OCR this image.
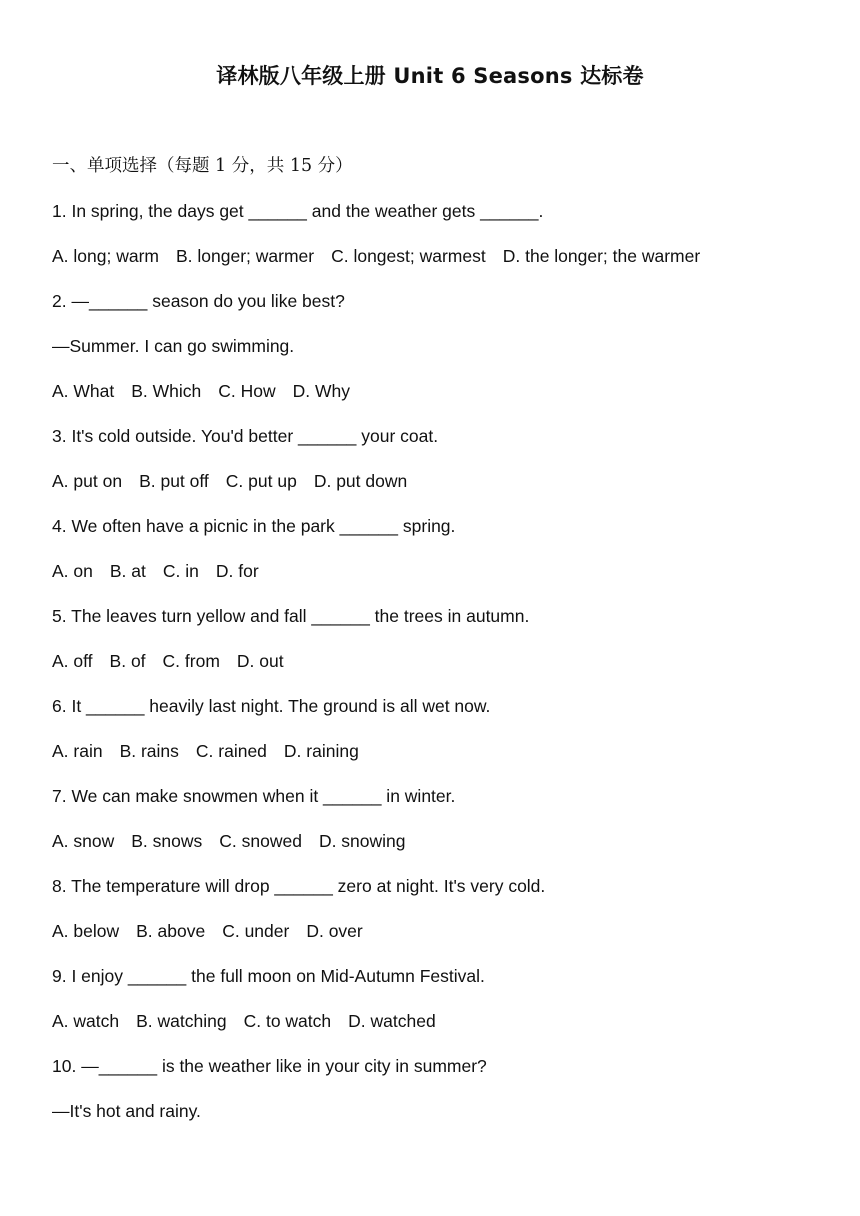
译林版八年级上册 Unit 6 Seasons 达标卷
一、单项选择（每题 1 分，共 15 分）
1. In spring, the days get ______ and the weather gets ______.
A. long; warm B. longer; warmer C. longest; warmest D. the longer; the warmer
2. —______ season do you like best?
—Summer. I can go swimming.
A. What B. Which C. How D. Why
3. It's cold outside. You'd better ______ your coat.
A. put on B. put off C. put up D. put down
4. We often have a picnic in the park ______ spring.
A. on B. at C. in D. for
5. The leaves turn yellow and fall ______ the trees in autumn.
A. off B. of C. from D. out
6. It ______ heavily last night. The ground is all wet now.
A. rain B. rains C. rained D. raining
7. We can make snowmen when it ______ in winter.
A. snow B. snows C. snowed D. snowing
8. The temperature will drop ______ zero at night. It's very cold.
A. below B. above C. under D. over
9. I enjoy ______ the full moon on Mid-Autumn Festival.
A. watch B. watching C. to watch D. watched
10. —______ is the weather like in your city in summer?
—It's hot and rainy.
